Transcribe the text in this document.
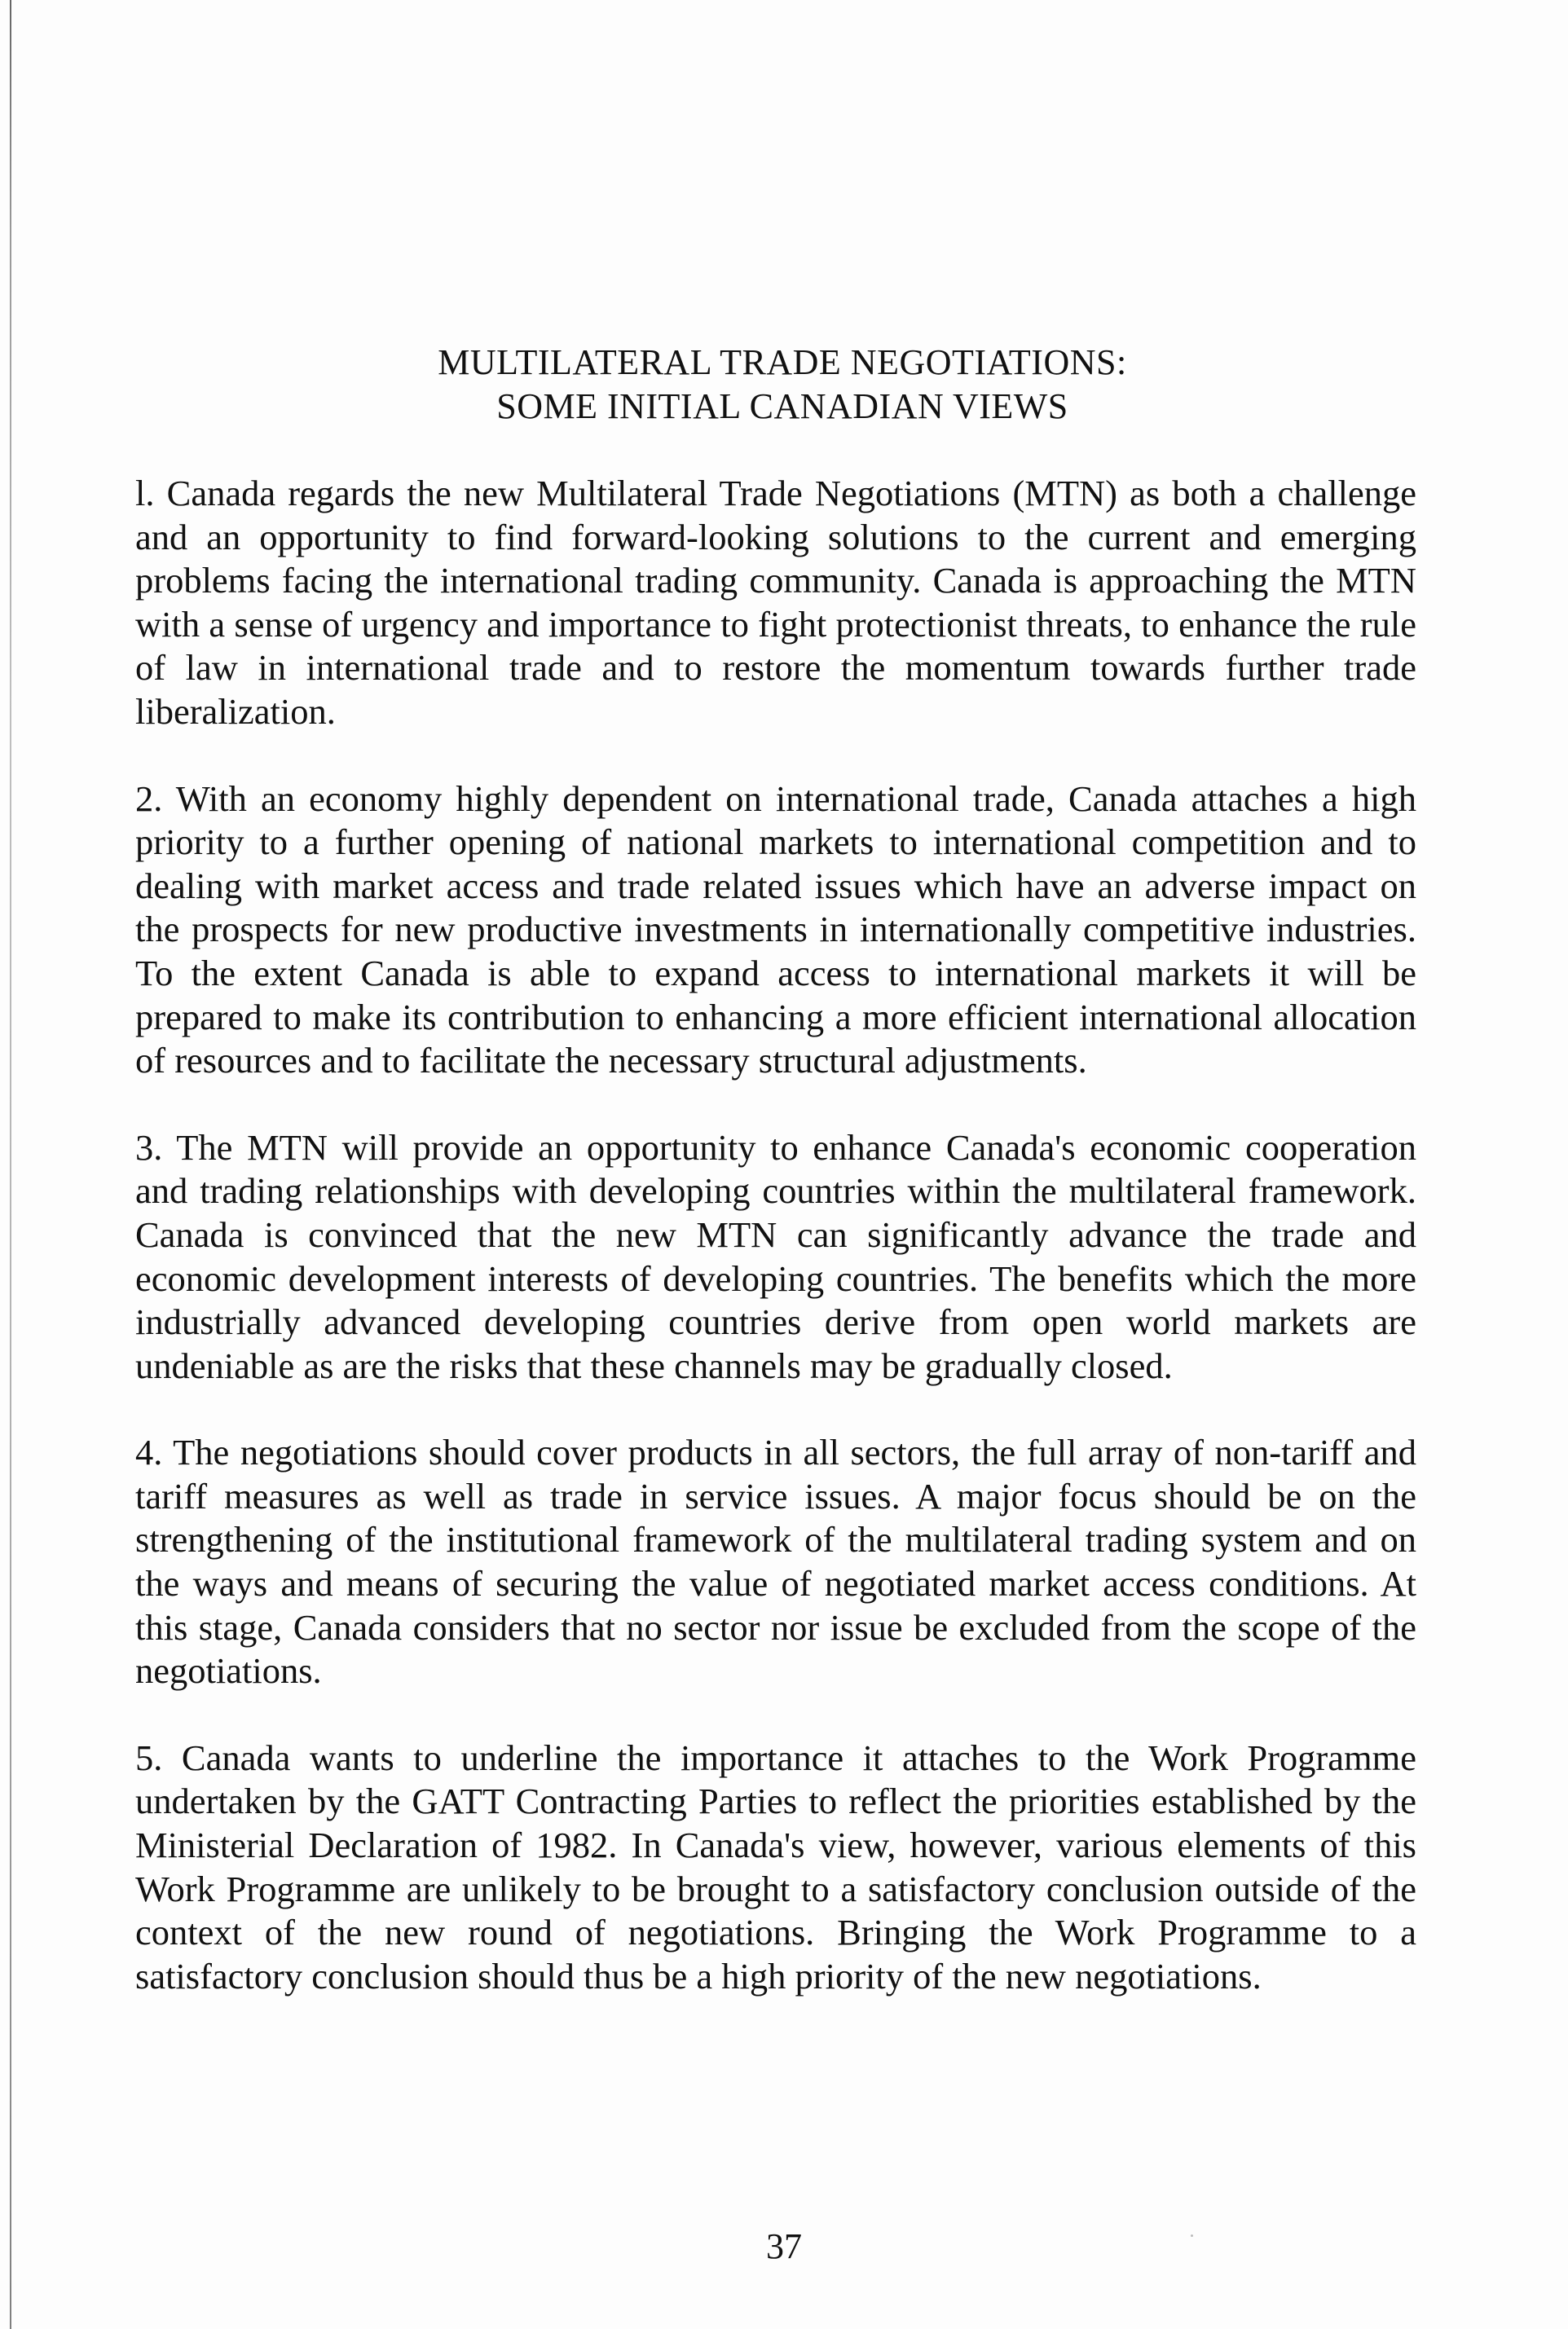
MULTILATERAL TRADE NEGOTIATIONS:
SOME INITIAL CANADIAN VIEWS

l. Canada regards the new Multilateral Trade Negotiations (MTN) as both a challenge and an opportunity to find forward-looking solutions to the current and emerging problems facing the international trading community. Canada is approaching the MTN with a sense of urgency and importance to fight protectionist threats, to enhance the rule of law in international trade and to restore the momentum towards further trade liberalization.

2. With an economy highly dependent on international trade, Canada attaches a high priority to a further opening of national markets to international competition and to dealing with market access and trade related issues which have an adverse impact on the prospects for new productive investments in internationally competitive industries. To the extent Canada is able to expand access to international markets it will be prepared to make its contribution to enhancing a more efficient international allocation of resources and to facilitate the necessary structural adjustments.

3. The MTN will provide an opportunity to enhance Canada's economic cooperation and trading relationships with developing countries within the multilateral framework. Canada is convinced that the new MTN can significantly advance the trade and economic development interests of developing countries. The benefits which the more industrially advanced developing countries derive from open world markets are undeniable as are the risks that these channels may be gradually closed.

4. The negotiations should cover products in all sectors, the full array of non-tariff and tariff measures as well as trade in service issues. A major focus should be on the strengthening of the institutional framework of the multilateral trading system and on the ways and means of securing the value of negotiated market access conditions. At this stage, Canada considers that no sector nor issue be excluded from the scope of the negotiations.

5. Canada wants to underline the importance it attaches to the Work Programme undertaken by the GATT Contracting Parties to reflect the priorities established by the Ministerial Declaration of 1982. In Canada's view, however, various elements of this Work Programme are unlikely to be brought to a satisfactory conclusion outside of the context of the new round of negotiations. Bringing the Work Programme to a satisfactory conclusion should thus be a high priority of the new negotiations.

37
